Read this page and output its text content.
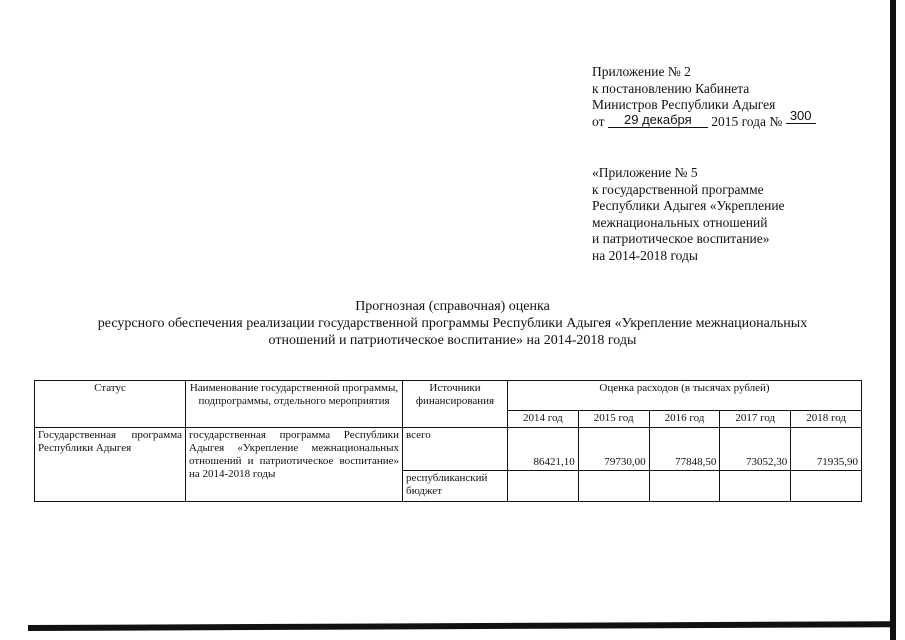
Приложение № 2
к постановлению Кабинета
Министров Республики Адыгея
от 29 декабря 2015 года № 300
«Приложение № 5
к государственной программе
Республики Адыгея «Укрепление
межнациональных отношений
и патриотическое воспитание»
на 2014-2018 годы
Прогнозная (справочная) оценка
ресурсного обеспечения реализации государственной программы Республики Адыгея «Укрепление межнациональных
отношений и патриотическое воспитание» на 2014-2018 годы
Статус	Наименование государственной программы, подпрограммы, отдельного мероприятия	Источники финансирования	Оценка расходов (в тысячах рублей)				
			2014 год	2015 год	2016 год	2017 год	2018 год
Государственная программа Республики Адыгея	государственная программа Республики Адыгея «Укрепление межнациональных отношений и патриотическое воспитание» на 2014-2018 годы	всего	86421,10	79730,00	77848,50	73052,30	71935,90
		республиканский бюджет					
